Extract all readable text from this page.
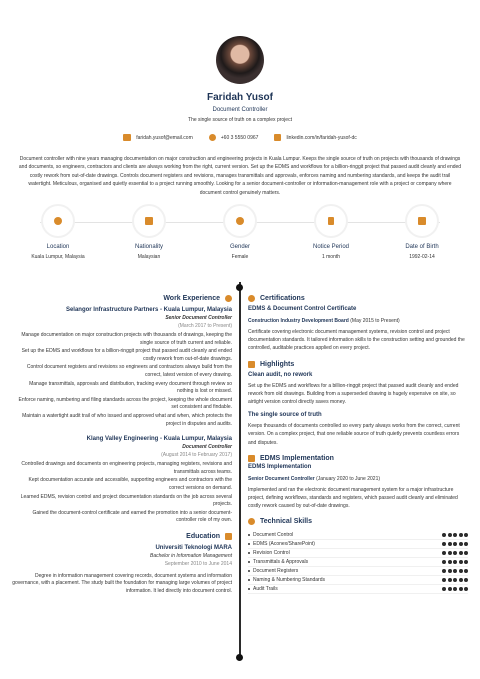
Faridah Yusof
Document Controller
The single source of truth on a complex project
faridah.yusof@email.com	+60 3 5550 0967	linkedin.com/in/faridah-yusof-dc
Document controller with nine years managing documentation on major construction and engineering projects in Kuala Lumpur. Keeps the single source of truth on projects with thousands of drawings and documents, so engineers, contractors and clients are always working from the right, current version. Set up the EDMS and workflows for a billion-ringgit project that passed audit cleanly and ended costly rework from out-of-date drawings. Controls document registers and revisions, manages transmittals and approvals, enforces naming and numbering standards, and keeps the audit trail watertight. Meticulous, organised and quietly essential to a project running smoothly. Looking for a senior document-controller or information-management role with a project or company where document control genuinely matters.
Location
Kuala Lumpur, Malaysia
Nationality
Malaysian
Gender
Female
Notice Period
1 month
Date of Birth
1992-02-14
Work Experience
Selangor Infrastructure Partners - Kuala Lumpur, Malaysia
Senior Document Controller
(March 2017 to Present)
Manage documentation on major construction projects with thousands of drawings, keeping the single source of truth current and reliable.
Set up the EDMS and workflows for a billion-ringgit project that passed audit cleanly and ended costly rework from out-of-date drawings.
Control document registers and revisions so engineers and contractors always build from the correct, latest version of every drawing.
Manage transmittals, approvals and distribution, tracking every document through review so nothing is lost or missed.
Enforce naming, numbering and filing standards across the project, keeping the whole document set consistent and findable.
Maintain a watertight audit trail of who issued and approved what and when, which protects the project in disputes and audits.
Klang Valley Engineering - Kuala Lumpur, Malaysia
Document Controller
(August 2014 to February 2017)
Controlled drawings and documents on engineering projects, managing registers, revisions and transmittals across teams.
Kept documentation accurate and accessible, supporting engineers and contractors with the correct versions on demand.
Learned EDMS, revision control and project documentation standards on the job across several projects.
Gained the document-control certificate and earned the promotion into a senior document-controller role of my own.
Education
Universiti Teknologi MARA
Bachelor in Information Management
September 2010 to June 2014
Degree in information management covering records, document systems and information governance, with a placement. The study built the foundation for managing large volumes of project information. It led directly into document control.
Certifications
EDMS & Document Control Certificate
Construction Industry Development Board (May 2015 to Present)
Certificate covering electronic document management systems, revision control and project documentation standards. It tailored information skills to the construction setting and grounded the controlled, auditable practices applied on every project.
Highlights
Clean audit, no rework
Set up the EDMS and workflows for a billion-ringgit project that passed audit cleanly and ended rework from old drawings. Building from a superseded drawing is hugely expensive on site, so airtight version control directly saves money.
The single source of truth
Keeps thousands of documents controlled so every party always works from the correct, current version. On a complex project, that one reliable source of truth quietly prevents countless errors and disputes.
EDMS Implementation
EDMS Implementation
Senior Document Controller (January 2020 to June 2021)
Implemented and ran the electronic document management system for a major infrastructure project, defining workflows, standards and registers, which passed audit cleanly and eliminated costly rework caused by out-of-date drawings.
Technical Skills
Document Control
EDMS (Aconex/SharePoint)
Revision Control
Transmittals & Approvals
Document Registers
Naming & Numbering Standards
Audit Trails
